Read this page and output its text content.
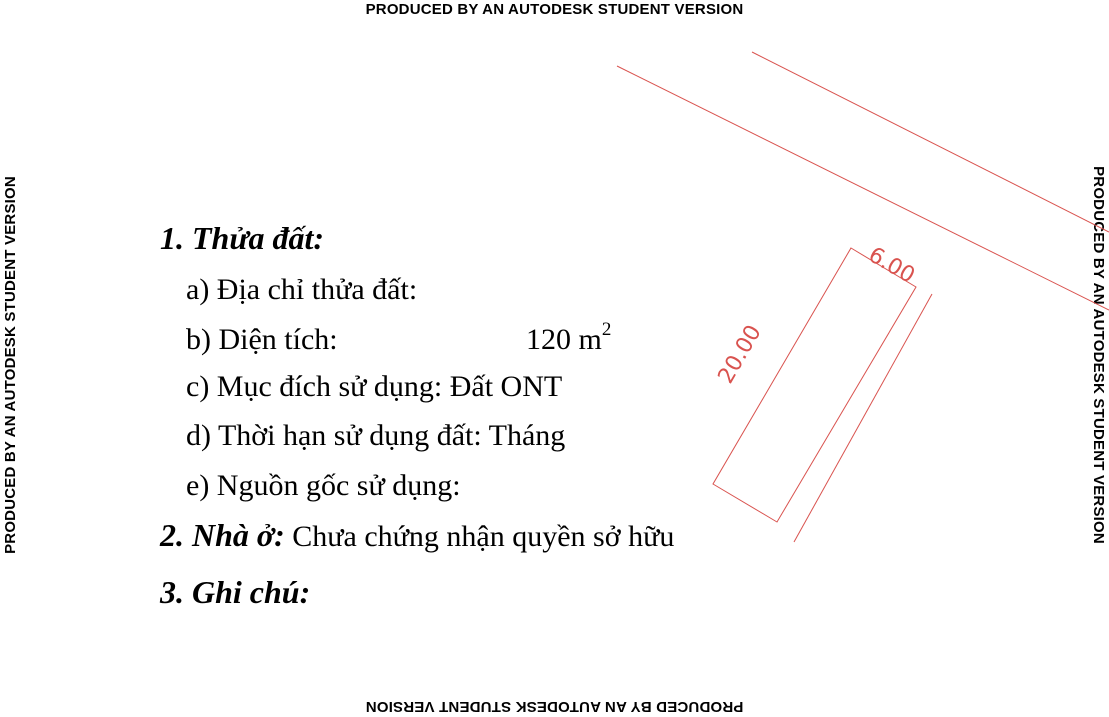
PRODUCED BY AN AUTODESK STUDENT VERSION
PRODUCED BY AN AUTODESK STUDENT VERSION
PRODUCED BY AN AUTODESK STUDENT VERSION	PRODUCED BY AN AUTODESK STUDENT VERSION
6.00
20.00
1. Thửa đất:
a) Địa chỉ thửa đất:
b) Diện tích:	120 $m^2$
c) Mục đích sử dụng: Đất ONT
d) Thời hạn sử dụng đất: Tháng
e) Nguồn gốc sử dụng:
2. Nhà ở: Chưa chứng nhận quyền sở hữu
3. Ghi chú:
